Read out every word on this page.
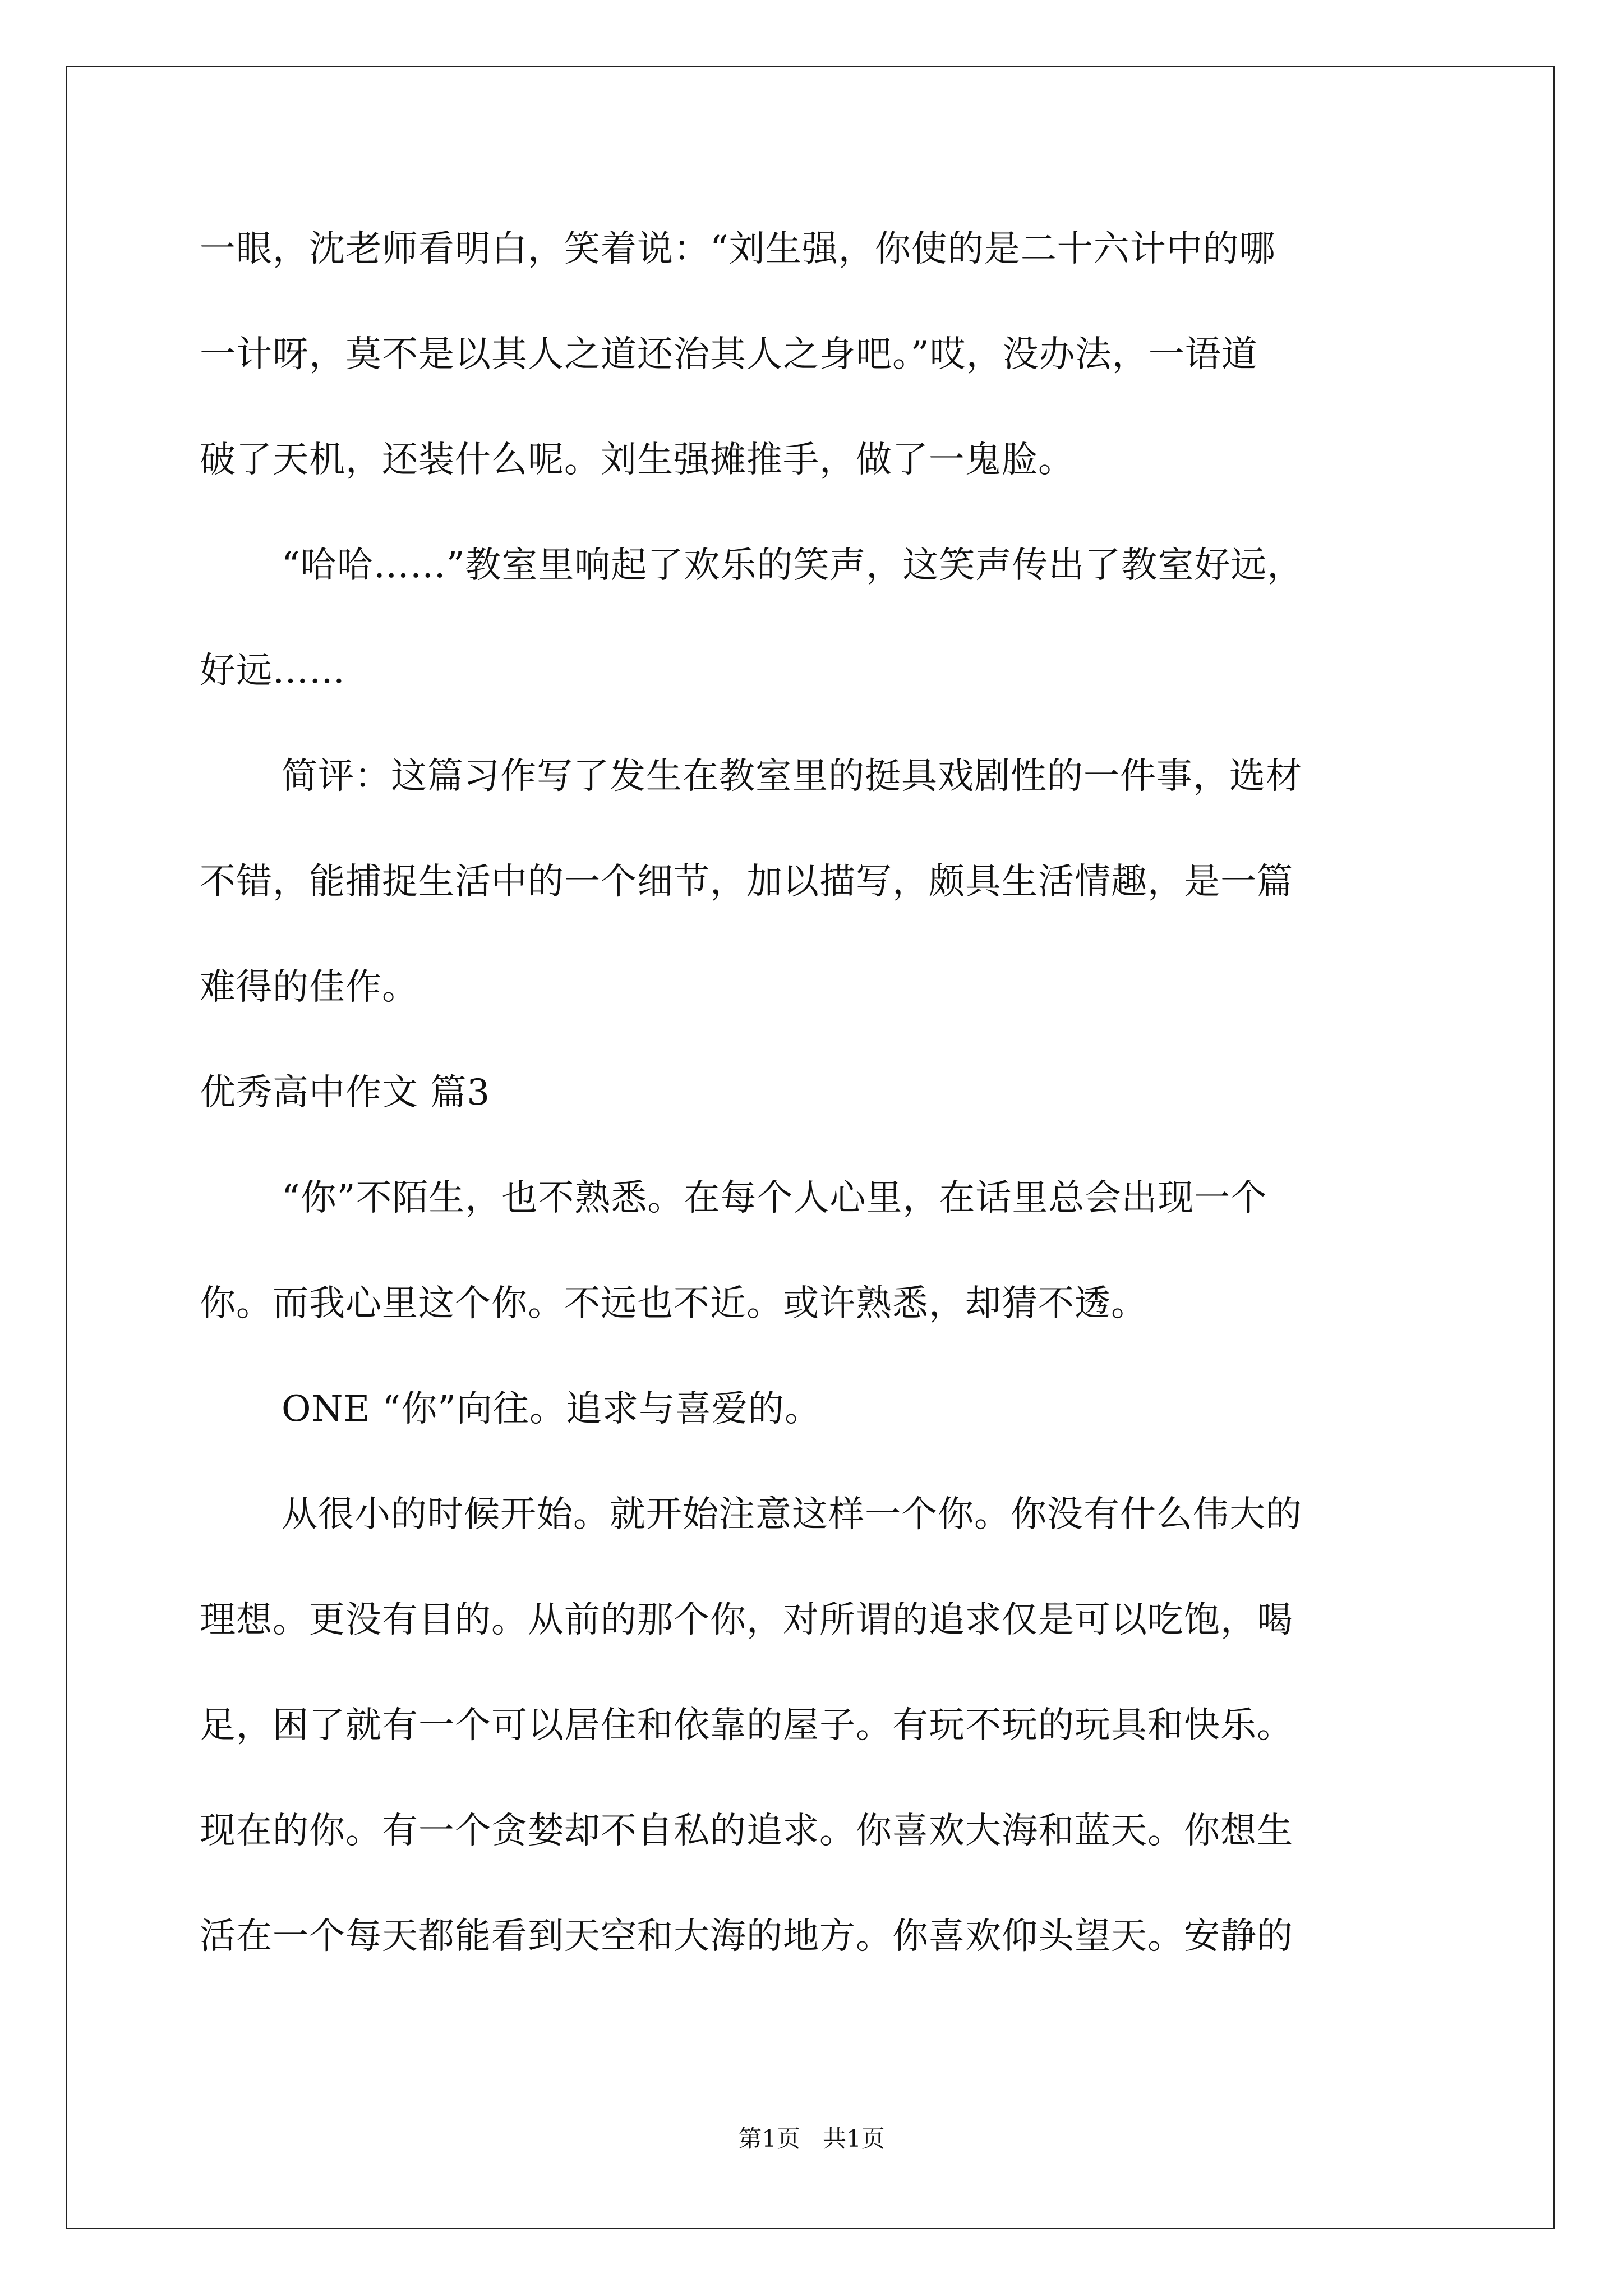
一眼，沈老师看明白，笑着说：“刘生强，你使的是二十六计中的哪
一计呀，莫不是以其人之道还治其人之身吧。”哎，没办法，一语道
破了天机，还装什么呢。刘生强摊推手，做了一鬼脸。
“哈哈……”教室里响起了欢乐的笑声，这笑声传出了教室好远，
好远……
简评：这篇习作写了发生在教室里的挺具戏剧性的一件事，选材
不错，能捕捉生活中的一个细节，加以描写，颇具生活情趣，是一篇
难得的佳作。
优秀高中作文 篇3
“你”不陌生，也不熟悉。在每个人心里，在话里总会出现一个
你。而我心里这个你。不远也不近。或许熟悉，却猜不透。
ONE “你”向往。追求与喜爱的。
从很小的时候开始。就开始注意这样一个你。你没有什么伟大的
理想。更没有目的。从前的那个你，对所谓的追求仅是可以吃饱，喝
足，困了就有一个可以居住和依靠的屋子。有玩不玩的玩具和快乐。
现在的你。有一个贪婪却不自私的追求。你喜欢大海和蓝天。你想生
活在一个每天都能看到天空和大海的地方。你喜欢仰头望天。安静的
第1页   共1页
